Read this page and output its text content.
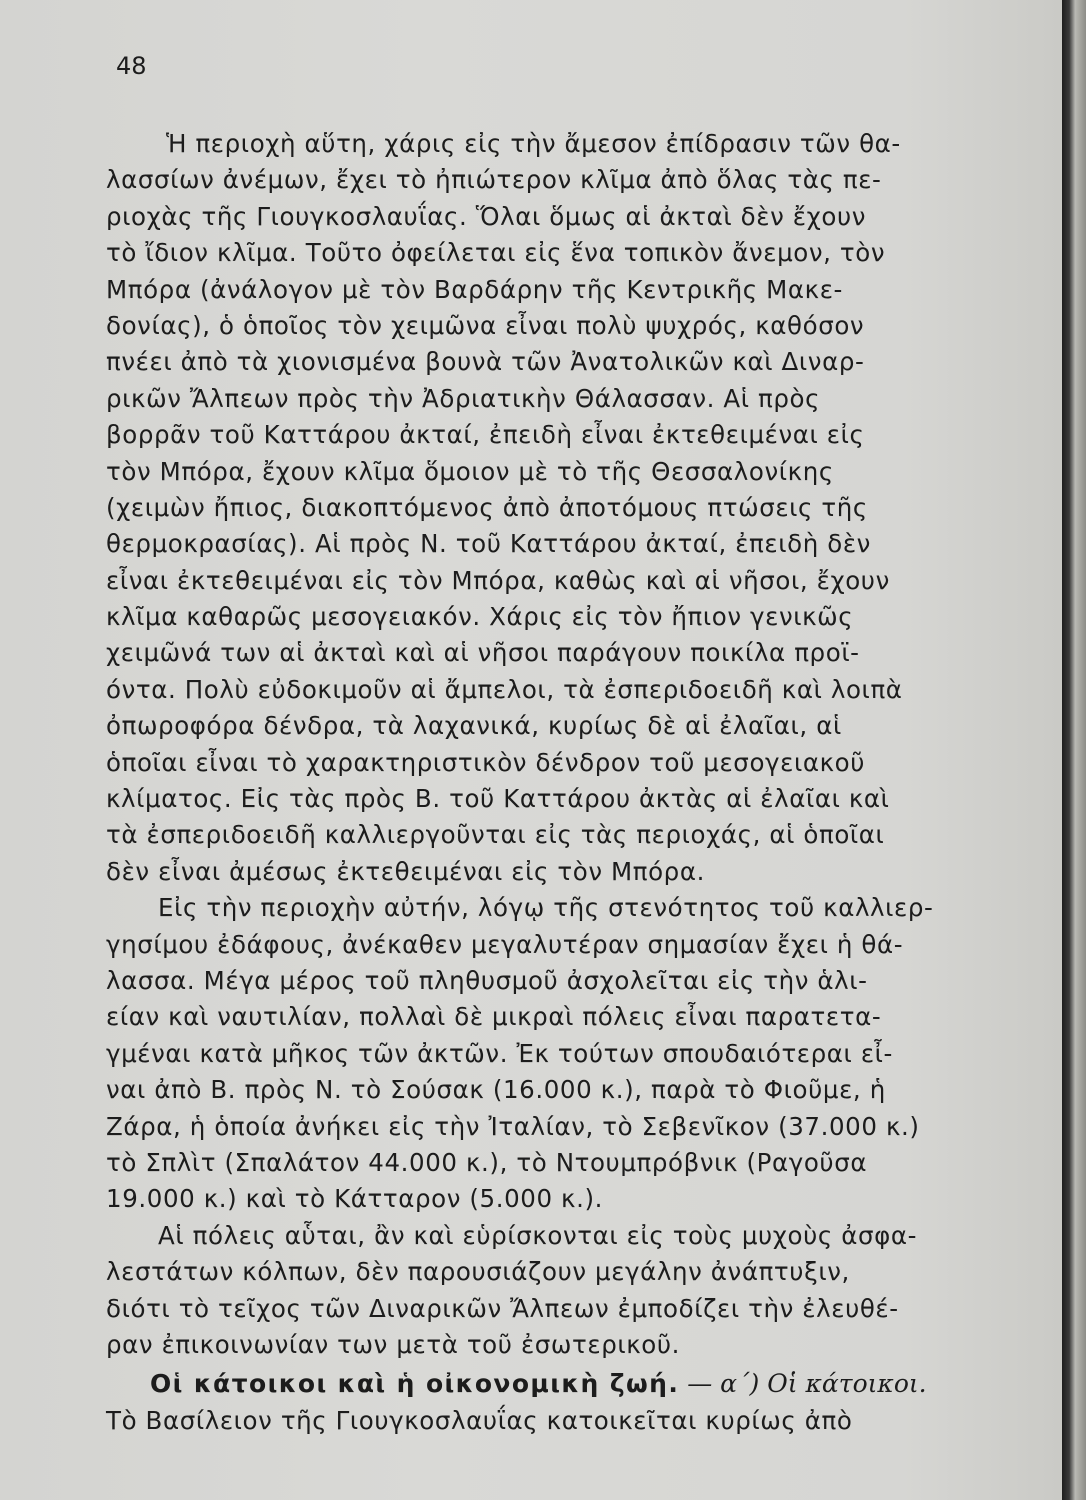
48
Ἡ περιοχὴ αὕτη, χάρις εἰς τὴν ἄμεσον ἐπίδρασιν τῶν θα-
λασσίων ἀνέμων, ἔχει τὸ ἠπιώτερον κλῖμα ἀπὸ ὅλας τὰς πε-
ριοχὰς τῆς Γιουγκοσλαυΐας. Ὅλαι ὅμως αἱ ἀκταὶ δὲν ἔχουν
τὸ ἴδιον κλῖμα. Τοῦτο ὀφείλεται εἰς ἕνα τοπικὸν ἄνεμον, τὸν
Μπόρα (ἀνάλογον μὲ τὸν Βαρδάρην τῆς Κεντρικῆς Μακε-
δονίας), ὁ ὁποῖος τὸν χειμῶνα εἶναι πολὺ ψυχρός, καθόσον
πνέει ἀπὸ τὰ χιονισμένα βουνὰ τῶν Ἀνατολικῶν καὶ Διναρ-
ρικῶν Ἄλπεων πρὸς τὴν Ἀδριατικὴν Θάλασσαν. Αἱ πρὸς
βορρᾶν τοῦ Καττάρου ἀκταί, ἐπειδὴ εἶναι ἐκτεθειμέναι εἰς
τὸν Μπόρα, ἔχουν κλῖμα ὅμοιον μὲ τὸ τῆς Θεσσαλονίκης
(χειμὼν ἤπιος, διακοπτόμενος ἀπὸ ἀποτόμους πτώσεις τῆς
θερμοκρασίας). Αἱ πρὸς Ν. τοῦ Καττάρου ἀκταί, ἐπειδὴ δὲν
εἶναι ἐκτεθειμέναι εἰς τὸν Μπόρα, καθὼς καὶ αἱ νῆσοι, ἔχουν
κλῖμα καθαρῶς μεσογειακόν. Χάρις εἰς τὸν ἤπιον γενικῶς
χειμῶνά των αἱ ἀκταὶ καὶ αἱ νῆσοι παράγουν ποικίλα προϊ-
όντα. Πολὺ εὐδοκιμοῦν αἱ ἄμπελοι, τὰ ἐσπεριδοειδῆ καὶ λοιπὰ
ὀπωροφόρα δένδρα, τὰ λαχανικά, κυρίως δὲ αἱ ἐλαῖαι, αἱ
ὁποῖαι εἶναι τὸ χαρακτηριστικὸν δένδρον τοῦ μεσογειακοῦ
κλίματος. Εἰς τὰς πρὸς Β. τοῦ Καττάρου ἀκτὰς αἱ ἐλαῖαι καὶ
τὰ ἐσπεριδοειδῆ καλλιεργοῦνται εἰς τὰς περιοχάς, αἱ ὁποῖαι
δὲν εἶναι ἀμέσως ἐκτεθειμέναι εἰς τὸν Μπόρα.
Εἰς τὴν περιοχὴν αὐτήν, λόγῳ τῆς στενότητος τοῦ καλλιερ-
γησίμου ἐδάφους, ἀνέκαθεν μεγαλυτέραν σημασίαν ἔχει ἡ θά-
λασσα. Μέγα μέρος τοῦ πληθυσμοῦ ἀσχολεῖται εἰς τὴν ἁλι-
είαν καὶ ναυτιλίαν, πολλαὶ δὲ μικραὶ πόλεις εἶναι παρατετα-
γμέναι κατὰ μῆκος τῶν ἀκτῶν. Ἐκ τούτων σπουδαιότεραι εἶ-
ναι ἀπὸ Β. πρὸς Ν. τὸ Σούσακ (16.000 κ.), παρὰ τὸ Φιοῦμε, ἡ
Ζάρα, ἡ ὁποία ἀνήκει εἰς τὴν Ἰταλίαν, τὸ Σεβενῖκον (37.000 κ.)
τὸ Σπλὶτ (Σπαλάτον 44.000 κ.), τὸ Ντουμπρόβνικ (Ραγοῦσα
19.000 κ.) καὶ τὸ Κάτταρον (5.000 κ.).
Αἱ πόλεις αὗται, ἂν καὶ εὑρίσκονται εἰς τοὺς μυχοὺς ἀσφα-
λεστάτων κόλπων, δὲν παρουσιάζουν μεγάλην ἀνάπτυξιν,
διότι τὸ τεῖχος τῶν Διναρικῶν Ἄλπεων ἐμποδίζει τὴν ἐλευθέ-
ραν ἐπικοινωνίαν των μετὰ τοῦ ἐσωτερικοῦ.
Οἱ κάτοικοι καὶ ἡ οἰκονομικὴ ζωή. — α΄) Οἱ κάτοικοι.
Τὸ Βασίλειον τῆς Γιουγκοσλαυΐας κατοικεῖται κυρίως ἀπὸ
